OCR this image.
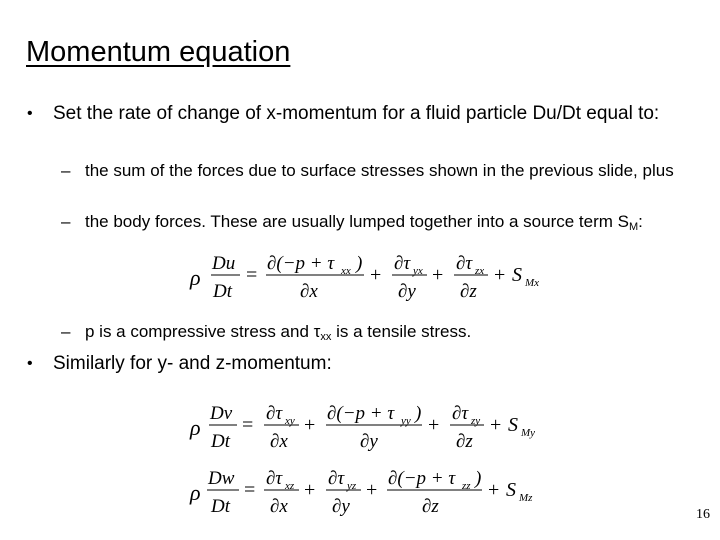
Momentum equation
• Set the rate of change of x-momentum for a fluid particle Du/Dt equal to:
– the sum of the forces due to surface stresses shown in the previous slide, plus
– the body forces. These are usually lumped together into a source term $S_M$:
ρ
Du
Dt
=
∂(−p + τ xx )
∂x
+
∂τ yx
∂y
+
∂τ zx
∂z
+ S Mx
– p is a compressive stress and $\tau_{xx}$ is a tensile stress.
• Similarly for y- and z-momentum:
ρ
Dv
Dt
=
∂τ xy
∂x
+
∂(−p + τ yy )
∂y
+
∂τ zy
∂z
+ S My
ρ
Dw
Dt
=
∂τ xz
∂x
+
∂τ yz
∂y
+
∂(−p + τ zz )
∂z
+ S Mz
16
